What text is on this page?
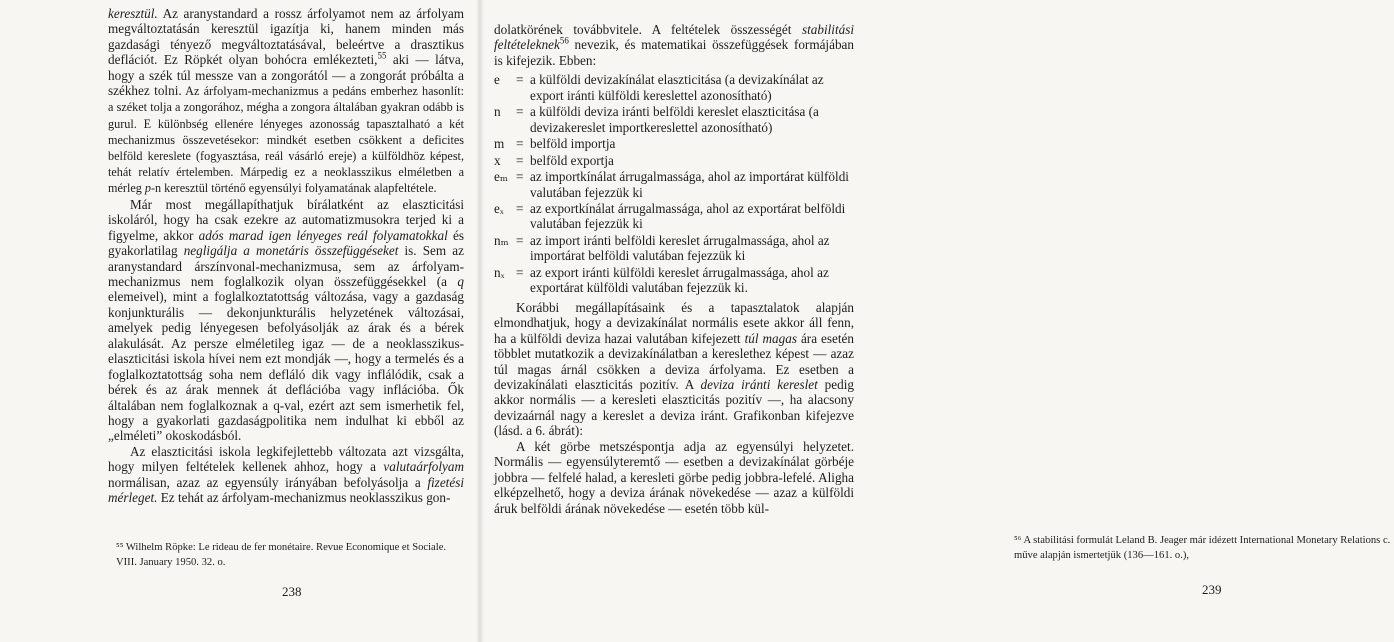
keresztül. Az aranystandard a rossz árfolyamot nem az árfolyam megváltoztatásán keresztül igazítja ki, hanem minden más gazdasági tényező megváltoztatásával, beleértve a drasztikus deflációt. Ez Röpkét olyan bohócra emlékezteti,$^{55}$ aki — látva, hogy a szék túl messze van a zongorától — a zongorát próbálta a székhez tolni. Az árfolyam-mechanizmus a pedáns emberhez hasonlít: a széket tolja a zongorához, mégha a zongora általában gyakran odább is gurul. E különbség ellenére lényeges azonosság tapasztalható a két mechanizmus összevetésekor: mindkét esetben csökkent a deficites belföld kereslete (fogyasztása, reál vásárló ereje) a külföldhöz képest, tehát relatív értelemben. Márpedig ez a neoklasszikus elméletben a mérleg p-n keresztül történő egyensúlyi folyamatának alapfeltétele.

Már most megállapíthatjuk bírálatként az elaszticitási iskoláról, hogy ha csak ezekre az automatizmusokra terjed ki a figyelme, akkor adós marad igen lényeges reál folyamatokkal és gyakorlatilag negligálja a monetáris összefüggéseket is. Sem az aranystandard árszínvonal-mechanizmusa, sem az árfolyam-mechanizmus nem foglalkozik olyan összefüggésekkel (a q elemeivel), mint a foglalkoztatottság változása, vagy a gazdaság konjunkturális — dekonjunkturális helyzetének változásai, amelyek pedig lényegesen befolyásolják az árak és a bérek alakulását. Az persze elméletileg igaz — de a neoklasszikus-elaszticitási iskola hívei nem ezt mondják —, hogy a termelés és a foglalkoztatottság soha nem defláló dik vagy inflálódik, csak a bérek és az árak mennek át deflációba vagy inflációba. Ők általában nem foglalkoznak a q-val, ezért azt sem ismerhetik fel, hogy a gyakorlati gazdaságpolitika nem indulhat ki ebből az „elméleti” okoskodásból.

Az elaszticitási iskola legkifejlettebb változata azt vizsgálta, hogy milyen feltételek kellenek ahhoz, hogy a valutaárfolyam normálisan, azaz az egyensúly irányában befolyásolja a fizetési mérleget. Ez tehát az árfolyam-mechanizmus neoklasszikus gon-

⁵⁵ Wilhelm Röpke: Le rideau de fer monétaire. Revue Economique et Sociale. VIII. January 1950. 32. o.
238

dolatkörének továbbvitele. A feltételek összességét stabilitási feltételeknek$^{56}$ nevezik, és matematikai összefüggések formájában is kifejezik. Ebben:

e	= a külföldi devizakínálat elaszticitása (a devizakínálat az export iránti külföldi kereslettel azonosítható)
n	= a külföldi deviza iránti belföldi kereslet elaszticitása (a devizakereslet importkereslettel azonosítható)
m = belföld importja
x	= belföld exportja
eₘ = az importkínálat árrugalmassága, ahol az importárat külföldi valutában fejezzük ki
eₓ = az exportkínálat árrugalmassága, ahol az exportárat belföldi valutában fejezzük ki
nₘ = az import iránti belföldi kereslet árrugalmassága, ahol az importárat belföldi valutában fejezzük ki
nₓ = az export iránti külföldi kereslet árrugalmassága, ahol az exportárat külföldi valutában fejezzük ki.

Korábbi megállapításaink és a tapasztalatok alapján elmondhatjuk, hogy a devizakínálat normális esete akkor áll fenn, ha a külföldi deviza hazai valutában kifejezett túl magas ára esetén többlet mutatkozik a devizakínálatban a kereslethez képest — azaz túl magas árnál csökken a deviza árfolyama. Ez esetben a devizakínálati elaszticitás pozitív. A deviza iránti kereslet pedig akkor normális — a keresleti elaszticitás pozitív —, ha alacsony devizaárnál nagy a kereslet a deviza iránt. Grafikonban kifejezve (lásd. a 6. ábrát):

A két görbe metszéspontja adja az egyensúlyi helyzetet. Normális — egyensúlyteremtő — esetben a devizakínálat görbéje jobbra — felfelé halad, a keresleti görbe pedig jobbra-lefelé. Aligha elképzelhető, hogy a deviza árának növekedése — azaz a külföldi áruk belföldi árának növekedése — esetén több kül-

⁵⁶ A stabilitási formulát Leland B. Jeager már idézett International Monetary Relations c. műve alapján ismertetjük (136—161. o.),
239
